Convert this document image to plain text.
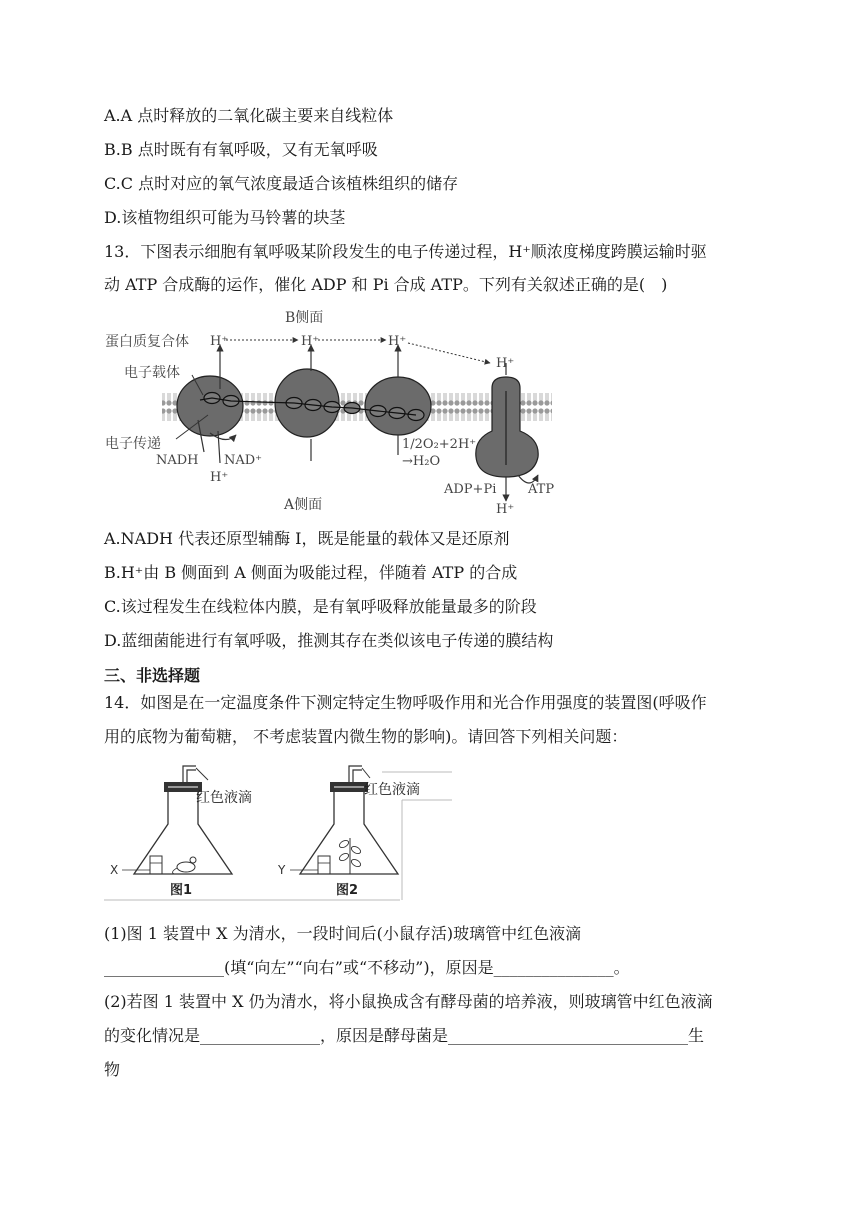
A.A 点时释放的二氧化碳主要来自线粒体
B.B 点时既有有氧呼吸，又有无氧呼吸
C.C 点时对应的氧气浓度最适合该植株组织的储存
D.该植物组织可能为马铃薯的块茎
13．下图表示细胞有氧呼吸某阶段发生的电子传递过程，H⁺顺浓度梯度跨膜运输时驱
动 ATP 合成酶的运作，催化 ADP 和 Pi 合成 ATP。下列有关叙述正确的是(　)
B侧面
蛋白质复合体 H⁺	H⁺	H⁺
H⁺
电子载体
电子传递
NADH NAD⁺
H⁺
1/2O₂+2H⁺
→H₂O
A侧面
ADP+Pi ATP
H⁺
A.NADH 代表还原型辅酶 I，既是能量的载体又是还原剂
B.H⁺由 B 侧面到 A 侧面为吸能过程，伴随着 ATP 的合成
C.该过程发生在线粒体内膜，是有氧呼吸释放能量最多的阶段
D.蓝细菌能进行有氧呼吸，推测其存在类似该电子传递的膜结构
三、非选择题
14．如图是在一定温度条件下测定特定生物呼吸作用和光合作用强度的装置图(呼吸作
用的底物为葡萄糖， 不考虑装置内微生物的影响)。请回答下列相关问题：
红色液滴	红色液滴
X	Y
图1	图2
(1)图 1 装置中 X 为清水，一段时间后(小鼠存活)玻璃管中红色液滴
_______________(填“向左”“向右”或“不移动”)，原因是_______________。
(2)若图 1 装置中 X 仍为清水，将小鼠换成含有酵母菌的培养液，则玻璃管中红色液滴
的变化情况是_______________，原因是酵母菌是______________________________生
物
